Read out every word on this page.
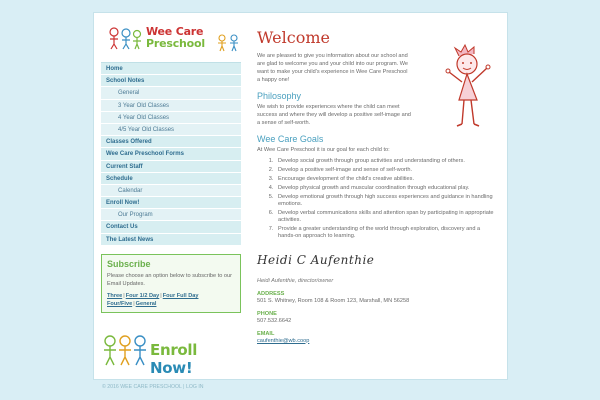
Wee Care
Preschool
Home
School Notes
General
3 Year Old Classes
4 Year Old Classes
4/5 Year Old Classes
Classes Offered
Wee Care Preschool Forms
Current Staff
Schedule
Calendar
Enroll Now!
Our Program
Contact Us
The Latest News
Subscribe

Please choose an option below to subscribe to our Email Updates.

Three|Four 1/2 Day|Four Full Day
Four/Five|General
Enroll Now!
Welcome

We are pleased to give you information about our school and are glad to welcome you and your child into our program. We want to make your child's experience in Wee Care Preschool a happy one!

Philosophy

We wish to provide experiences where the child can meet success and where they will develop a positive self-image and a sense of self-worth.

Wee Care Goals

At Wee Care Preschool it is our goal for each child to:

1. Develop social growth through group activities and understanding of others.
2. Develop a positive self-image and sense of self-worth.
3. Encourage development of the child's creative abilities.
4. Develop physical growth and muscular coordination through educational play.
5. Develop emotional growth through high success experiences and guidance in handling emotions.
6. Develop verbal communications skills and attention span by participating in appropriate activities.
7. Provide a greater understanding of the world through exploration, discovery and a hands-on approach to learning.
Heidi C Aufenthie

Heidi Aufenthie, director/owner

ADDRESS

501 S. Whitney, Room 108 & Room 123, Marshall, MN 56258

PHONE

507.532.6642

EMAIL

caufenthie@wb.coop

© 2016 WEE CARE PRESCHOOL | LOG IN
